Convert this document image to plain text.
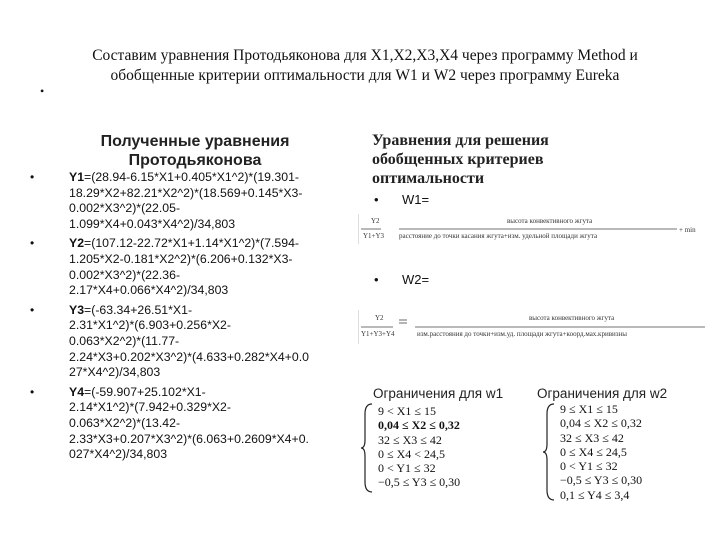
Составим уравнения Протодьяконова для X1,X2,X3,X4 через программу Method и
обобщенные критерии оптимальности для W1 и W2 через программу Eureka
•
Полученные уравнения
Протодьяконова
•	Y1=(28.94-6.15*X1+0.405*X1^2)*(19.301-
18.29*X2+82.21*X2^2)*(18.569+0.145*X3-
0.002*X3^2)*(22.05-
1.099*X4+0.043*X4^2)/34,803
•	Y2=(107.12-22.72*X1+1.14*X1^2)*(7.594-
1.205*X2-0.181*X2^2)*(6.206+0.132*X3-
0.002*X3^2)*(22.36-
2.17*X4+0.066*X4^2)/34,803
•	Y3=(-63.34+26.51*X1-
2.31*X1^2)*(6.903+0.256*X2-
0.063*X2^2)*(11.77-
2.24*X3+0.202*X3^2)*(4.633+0.282*X4+0.0
27*X4^2)/34,803
•	Y4=(-59.907+25.102*X1-
2.14*X1^2)*(7.942+0.329*X2-
0.063*X2^2)*(13.42-
2.33*X3+0.207*X3^2)*(6.063+0.2609*X4+0.
027*X4^2)/34,803
Уравнения для решения
обобщенных критериев
оптимальности
• W1=
Y2	высота конвективного жгута
Y1+Y3 расстояние до точки касания жгута+изм. удельной площади жгута
+ min
• W2=
Y2	высота конвективного жгута
Y1+Y3+Y4	изм.расстояния до точки+изм.уд. площади жгута+коорд.мах.кривизны
Ограничения для w1
9 < X1 ≤ 15
0,04 ≤ X2 ≤ 0,32
32 ≤ X3 ≤ 42
0 ≤ X4 < 24,5
0 < Y1 ≤ 32
−0,5 ≤ Y3 ≤ 0,30
Ограничения для w2
9 ≤ X1 ≤ 15
0,04 ≤ X2 ≤ 0,32
32 ≤ X3 ≤ 42
0 ≤ X4 ≤ 24,5
0 < Y1 ≤ 32
−0,5 ≤ Y3 ≤ 0,30
0,1 ≤ Y4 ≤ 3,4
